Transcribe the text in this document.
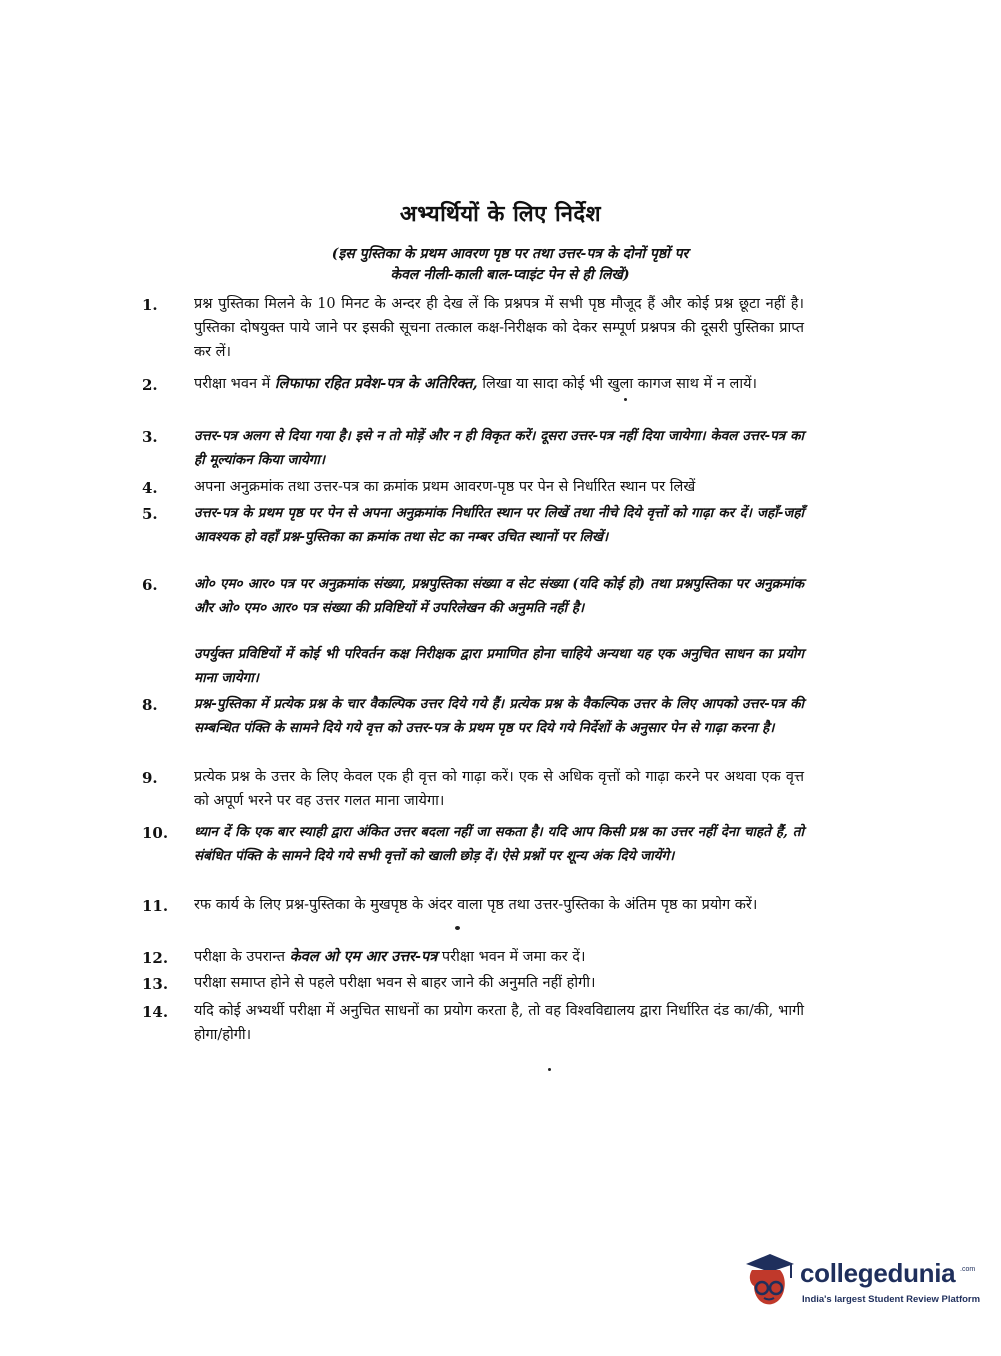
अभ्यर्थियों के लिए निर्देश
(इस पुस्तिका के प्रथम आवरण पृष्ठ पर तथा उत्तर-पत्र के दोनों पृष्ठों पर
केवल नीली-काली बाल-प्वाइंट पेन से ही लिखें)
1.	प्रश्न पुस्तिका मिलने के 10 मिनट के अन्दर ही देख लें कि प्रश्नपत्र में सभी पृष्ठ मौजूद हैं और कोई प्रश्न छूटा नहीं है। पुस्तिका दोषयुक्त पाये जाने पर इसकी सूचना तत्काल कक्ष-निरीक्षक को देकर सम्पूर्ण प्रश्नपत्र की दूसरी पुस्तिका प्राप्त कर लें।
2.	परीक्षा भवन में लिफाफा रहित प्रवेश-पत्र के अतिरिक्त, लिखा या सादा कोई भी खुला कागज साथ में न लायें।
3.	उत्तर-पत्र अलग से दिया गया है। इसे न तो मोड़ें और न ही विकृत करें। दूसरा उत्तर-पत्र नहीं दिया जायेगा। केवल उत्तर-पत्र का ही मूल्यांकन किया जायेगा।
4.	अपना अनुक्रमांक तथा उत्तर-पत्र का क्रमांक प्रथम आवरण-पृष्ठ पर पेन से निर्धारित स्थान पर लिखें
5.	उत्तर-पत्र के प्रथम पृष्ठ पर पेन से अपना अनुक्रमांक निर्धारित स्थान पर लिखें तथा नीचे दिये वृत्तों को गाढ़ा कर दें। जहाँ-जहाँ आवश्यक हो वहाँ प्रश्न-पुस्तिका का क्रमांक तथा सेट का नम्बर उचित स्थानों पर लिखें।
6.	ओ० एम० आर० पत्र पर अनुक्रमांक संख्या, प्रश्नपुस्तिका संख्या व सेट संख्या (यदि कोई हो) तथा प्रश्नपुस्तिका पर अनुक्रमांक और ओ० एम० आर० पत्र संख्या की प्रविष्टियों में उपरिलेखन की अनुमति नहीं है।
उपर्युक्त प्रविष्टियों में कोई भी परिवर्तन कक्ष निरीक्षक द्वारा प्रमाणित होना चाहिये अन्यथा यह एक अनुचित साधन का प्रयोग माना जायेगा।
8.	प्रश्न-पुस्तिका में प्रत्येक प्रश्न के चार वैकल्पिक उत्तर दिये गये हैं। प्रत्येक प्रश्न के वैकल्पिक उत्तर के लिए आपको उत्तर-पत्र की सम्बन्धित पंक्ति के सामने दिये गये वृत्त को उत्तर-पत्र के प्रथम पृष्ठ पर दिये गये निर्देशों के अनुसार पेन से गाढ़ा करना है।
9.	प्रत्येक प्रश्न के उत्तर के लिए केवल एक ही वृत्त को गाढ़ा करें। एक से अधिक वृत्तों को गाढ़ा करने पर अथवा एक वृत्त को अपूर्ण भरने पर वह उत्तर गलत माना जायेगा।
10.	ध्यान दें कि एक बार स्याही द्वारा अंकित उत्तर बदला नहीं जा सकता है। यदि आप किसी प्रश्न का उत्तर नहीं देना चाहते हैं, तो संबंधित पंक्ति के सामने दिये गये सभी वृत्तों को खाली छोड़ दें। ऐसे प्रश्नों पर शून्य अंक दिये जायेंगे।
11.	रफ कार्य के लिए प्रश्न-पुस्तिका के मुखपृष्ठ के अंदर वाला पृष्ठ तथा उत्तर-पुस्तिका के अंतिम पृष्ठ का प्रयोग करें।
12.	परीक्षा के उपरान्त केवल ओ एम आर उत्तर-पत्र परीक्षा भवन में जमा कर दें।
13.	परीक्षा समाप्त होने से पहले परीक्षा भवन से बाहर जाने की अनुमति नहीं होगी।
14.	यदि कोई अभ्यर्थी परीक्षा में अनुचित साधनों का प्रयोग करता है, तो वह विश्वविद्यालय द्वारा निर्धारित दंड का/की, भागी होगा/होगी।
collegedunia .com
India's largest Student Review Platform
